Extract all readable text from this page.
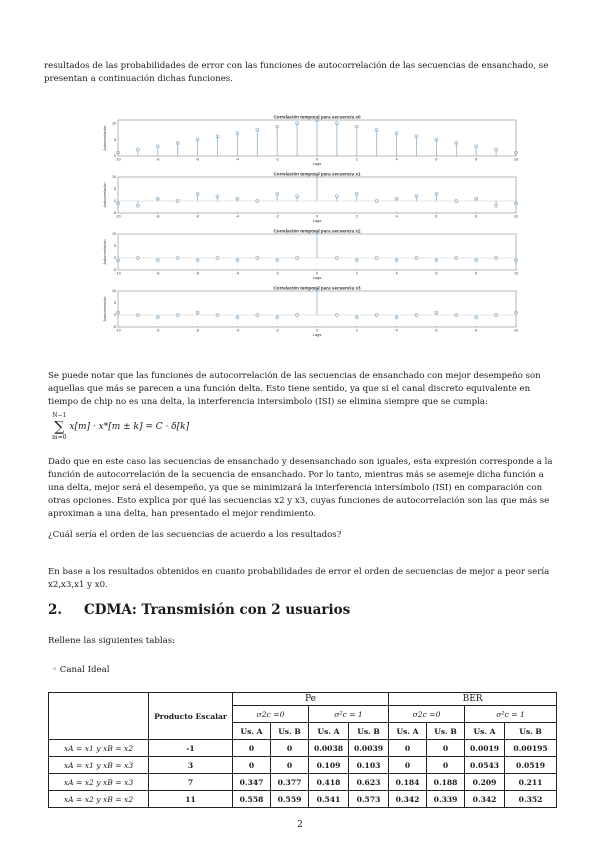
resultados de las probabilidades de error con las funciones de autocorrelación de las secuencias de ensanchado, se presentan a continuación dichas funciones.

Correlación temporal para secuencia x0
-10	-8	-6	-4	-2	0	2	4	6	8	10
0
5
10
Lags
Autocorrelación
Correlación temporal para secuencia x1
-10	-8	-6	-4	-2	0	2	4	6	8	10
-5
0
5
10
Lags
Autocorrelación
Correlación temporal para secuencia x2
-10	-8	-6	-4	-2	0	2	4	6	8	10
-5
0
5
10
Lags
Autocorrelación
Correlación temporal para secuencia x3
-10	-8	-6	-4	-2	0	2	4	6	8	10
-5
0
5
10
Lags
Autocorrelación

Se puede notar que las funciones de autocorrelación de las secuencias de ensanchado con mejor desempeño son aquellas que más se parecen a una función delta. Esto tiene sentido, ya que si el canal discreto equivalente en tiempo de chip no es una delta, la interferencia intersímbolo (ISI) se elimina siempre que se cumpla:

N−1
∑
m=0
x[m] · x*[m ± k] = C · δ[k]

Dado que en este caso las secuencias de ensanchado y desensanchado son iguales, esta expresión corresponde a la función de autocorrelación de la secuencia de ensanchado. Por lo tanto, mientras más se asemeje dicha función a una delta, mejor será el desempeño, ya que se minimizará la interferencia intersímbolo (ISI) en comparación con otras opciones. Esto explica por qué las secuencias x2 y x3, cuyas funciones de autocorrelación son las que más se aproximan a una delta, han presentado el mejor rendimiento.

¿Cuál sería el orden de las secuencias de acuerdo a los resultados?

En base a los resultados obtenidos en cuanto probabilidades de error el orden de secuencias de mejor a peor sería x2,x3,x1 y x0.

2. CDMA: Transmisión con 2 usuarios

Rellene las siguientes tablas:

◦ Canal Ideal
	Producto Escalar	Pe				BER			
		σ2c =0		σ²c = 1		σ2c =0		σ²c = 1	
		Us. A	Us. B	Us. A	Us. B	Us. A	Us. B	Us. A	Us. B
xA = x1 y xB = x2	-1	0	0	0.0038	0.0039	0	0	0.0019	0.00195
xA = x1 y xB = x3	3	0	0	0.109	0.103	0	0	0.0543	0.0519
xA = x2 y xB = x3	7	0.347	0.377	0.418	0.623	0.184	0.188	0.209	0.211
xA = x2 y xB = x2	11	0.558	0.559	0.541	0.573	0.342	0.339	0.342	0.352
2
